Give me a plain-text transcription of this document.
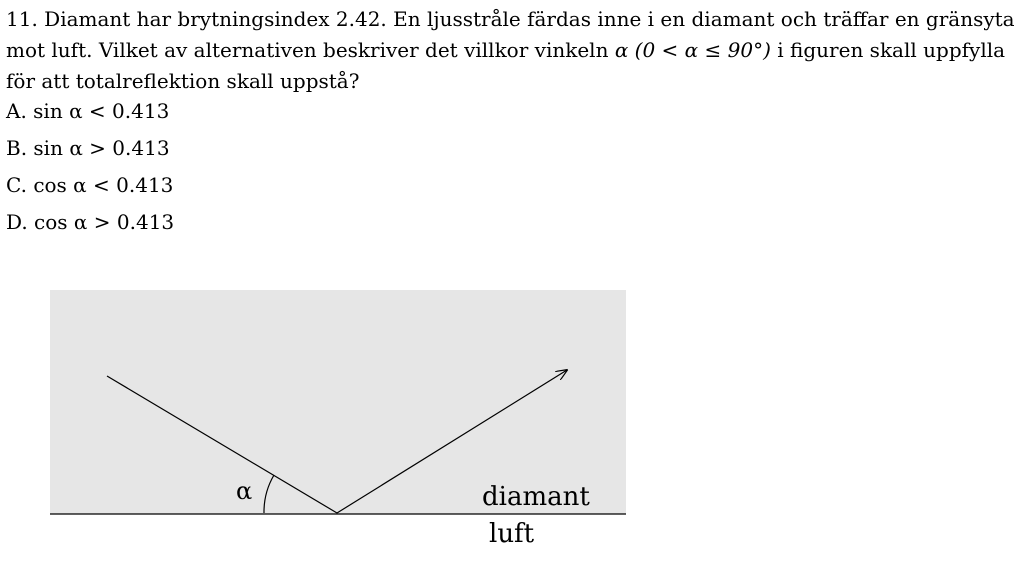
11. Diamant har brytningsindex 2.42. En ljusstråle färdas inne i en diamant och träffar en gränsyta
mot luft. Vilket av alternativen beskriver det villkor vinkeln α (0 < α ≤ 90°) i figuren skall uppfylla
för att totalreflektion skall uppstå?
A. sin α < 0.413
B. sin α > 0.413
C. cos α < 0.413
D. cos α > 0.413
α	diamant
luft
